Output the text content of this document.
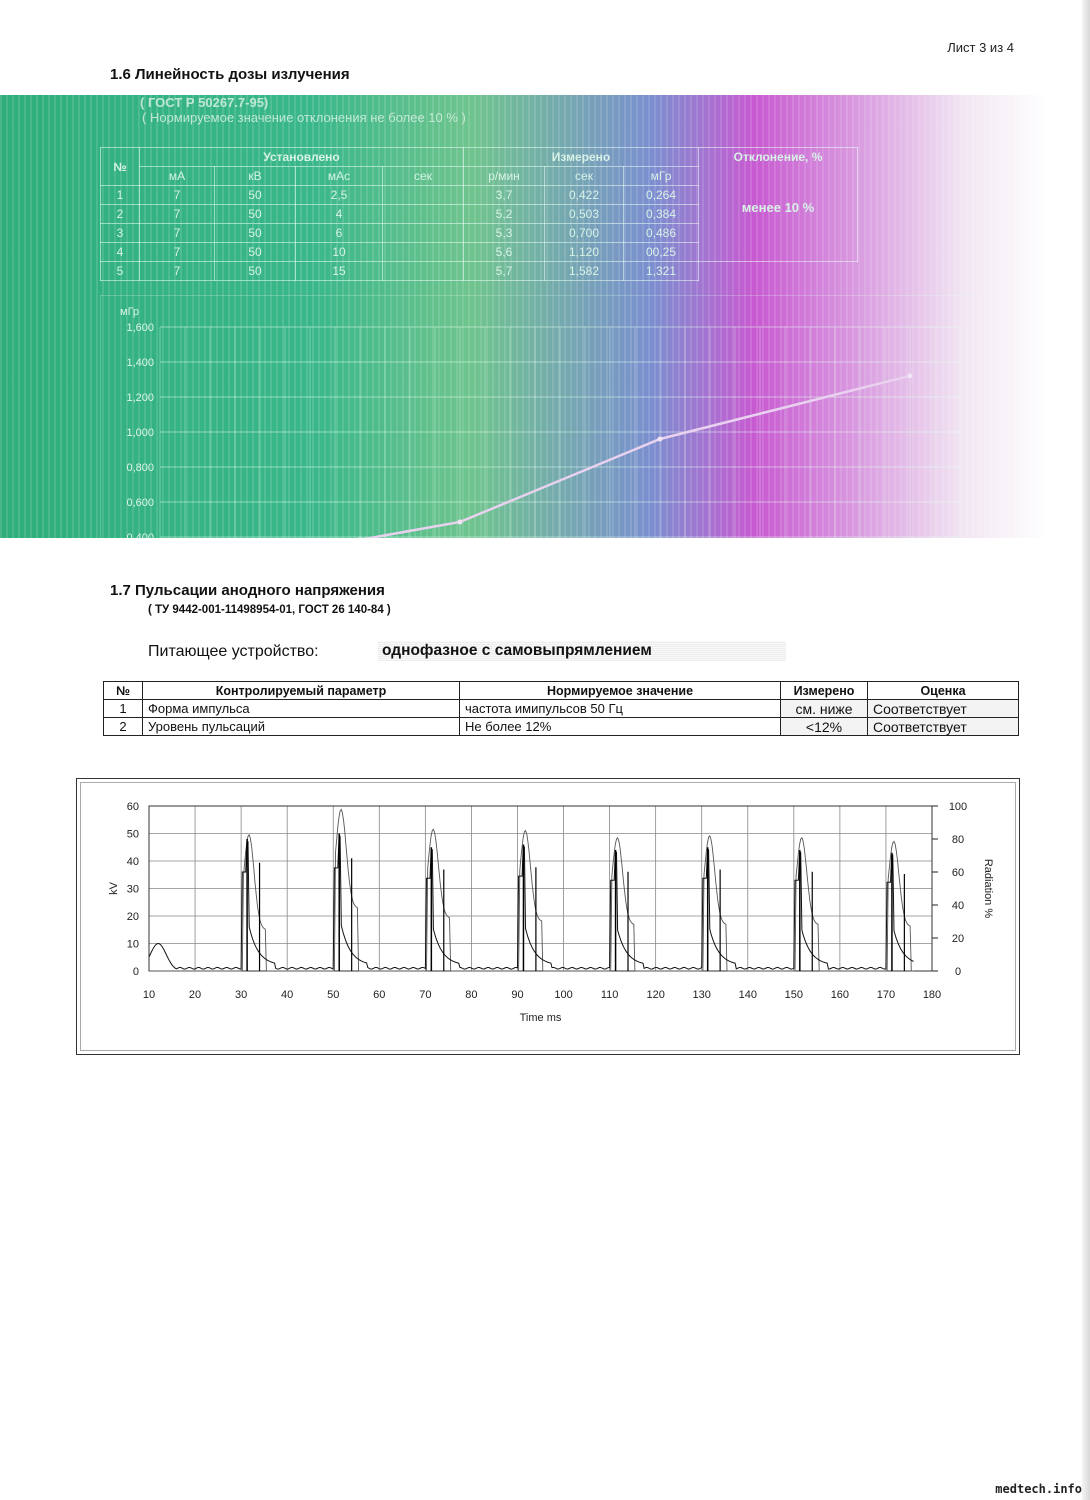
Лист 3 из 4
1.6 Линейность дозы излучения
( ГОСТ Р 50267.7-95)
( Нормируемое значение отклонения не более 10 % )
№	Установлено				Измерено			Отклонение, %
менее 10 %

	мА	кВ	мАс	сек	р/мин	сек	мГр	
1	7	50	2,5		3,7	0,422	0,264	
2	7	50	4		5,2	0,503	0,384	
3	7	50	6		5,3	0,700	0,486	
4	7	50	10		5,6	1,120	00,25	
5	7	50	15		5,7	1,582	1,321	
0,000
0,200
0,400
0,600
0,800
1,000
1,200
1,400
1,600
0	2	4	6	8	10	12	14
мГр
1.7 Пульсации анодного напряжения
( ТУ 9442-001-11498954-01, ГОСТ 26 140-84 )
Питающее устройство:	однофазное с самовыпрямлением
№	Контролируемый параметр	Нормируемое значение	Измерено	Оценка
1	Форма импульса	частота имипульсов 50 Гц	см. ниже	Соответствует
2	Уровень пульсаций	Не более 12%	<12%	Соответствует
10	20	30	40	50	60	70	80	90	100	110	120	130	140	150	160	170	180
0
10
20
30
40
50
60
0
20
40
60
80
100
Time ms
kV	Radiation %
medtech.info
